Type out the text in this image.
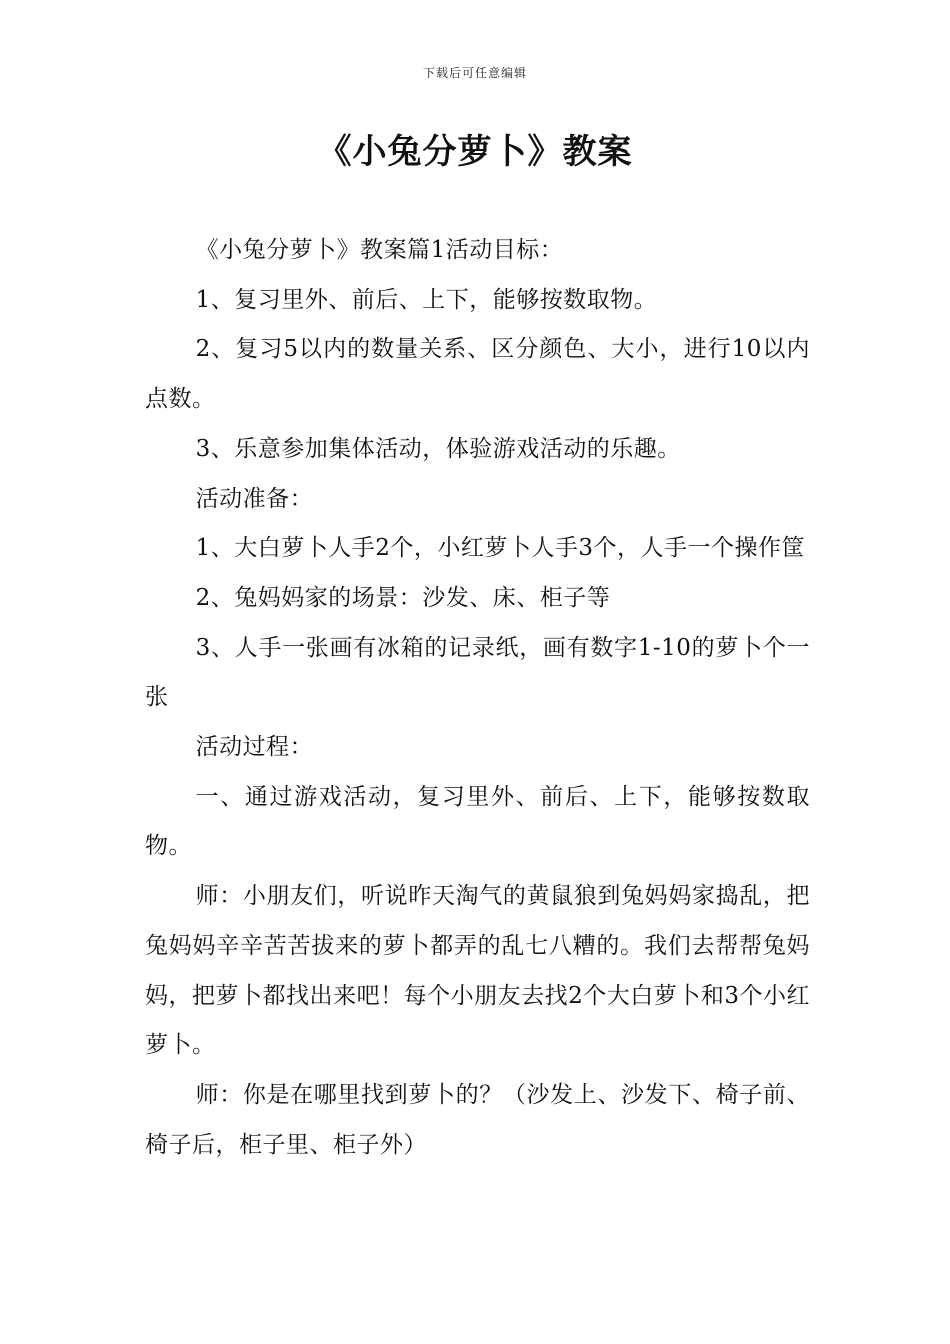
下载后可任意编辑
《小兔分萝卜》教案

《小兔分萝卜》教案篇1活动目标：

1、复习里外、前后、上下，能够按数取物。

2、复习5以内的数量关系、区分颜色、大小，进行10以内点数。

3、乐意参加集体活动，体验游戏活动的乐趣。

活动准备：

1、大白萝卜人手2个，小红萝卜人手3个，人手一个操作筐

2、兔妈妈家的场景：沙发、床、柜子等

3、人手一张画有冰箱的记录纸，画有数字1-10的萝卜个一张

活动过程：

一、通过游戏活动，复习里外、前后、上下，能够按数取物。

师：小朋友们，听说昨天淘气的黄鼠狼到兔妈妈家捣乱，把兔妈妈辛辛苦苦拔来的萝卜都弄的乱七八糟的。我们去帮帮兔妈妈，把萝卜都找出来吧！每个小朋友去找2个大白萝卜和3个小红萝卜。

师：你是在哪里找到萝卜的？（沙发上、沙发下、椅子前、椅子后，柜子里、柜子外）
